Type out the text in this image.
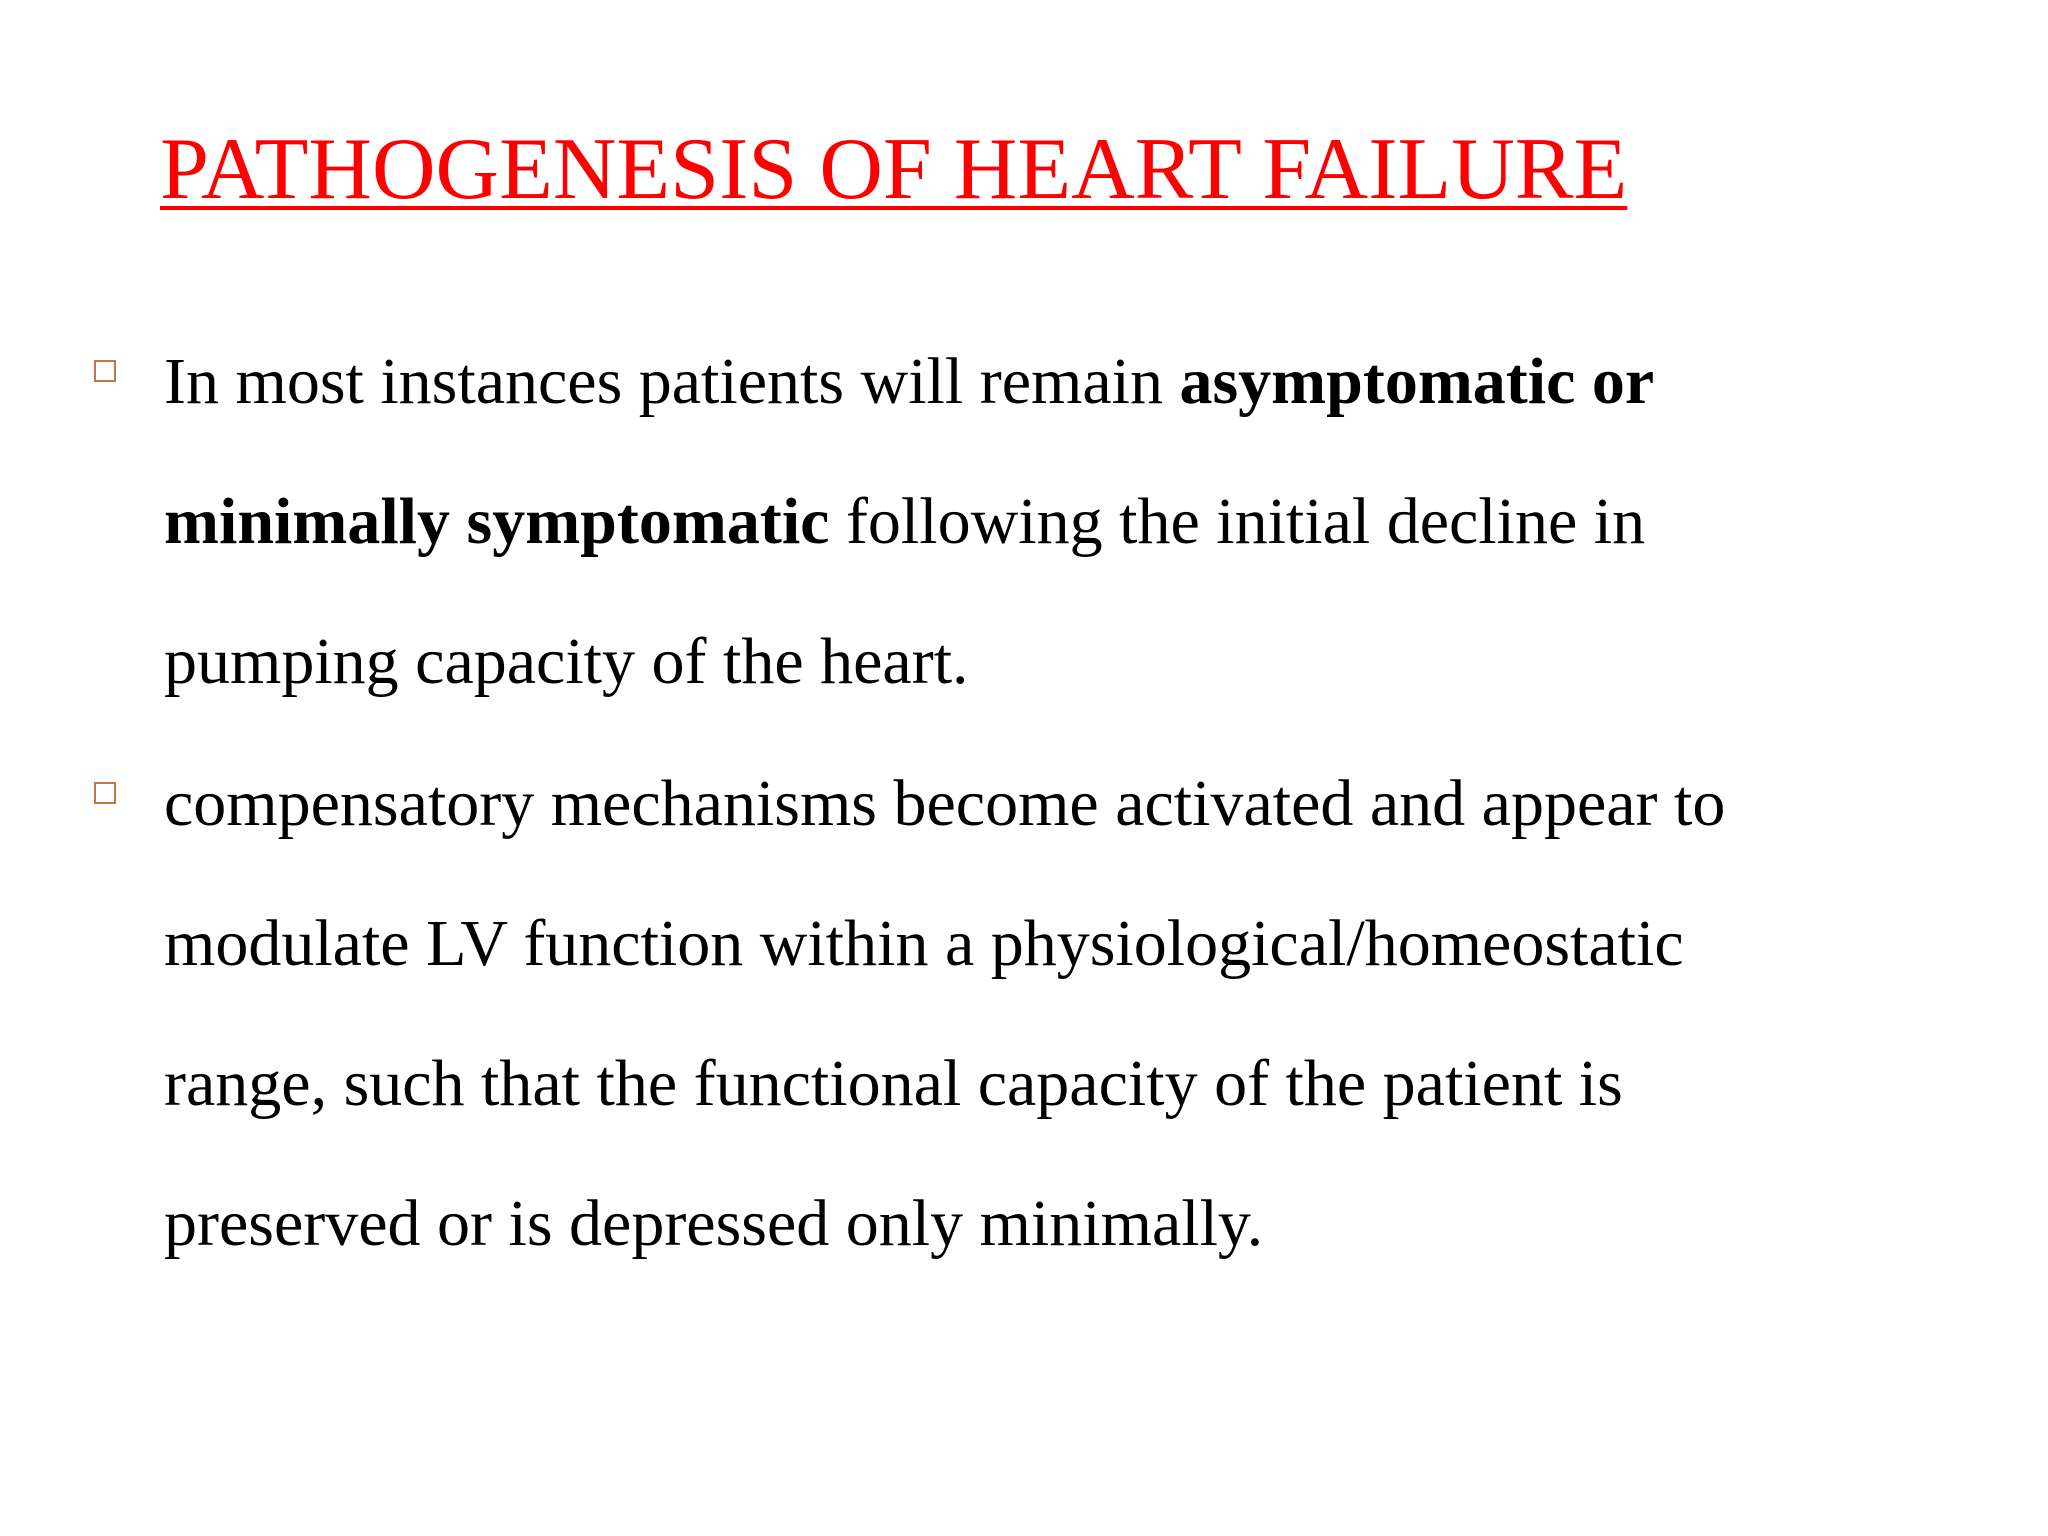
PATHOGENESIS OF HEART FAILURE

In most instances patients will remain asymptomatic or
minimally symptomatic following the initial decline in
pumping capacity of the heart.

compensatory mechanisms become activated and appear to
modulate LV function within a physiological/homeostatic
range, such that the functional capacity of the patient is
preserved or is depressed only minimally.
